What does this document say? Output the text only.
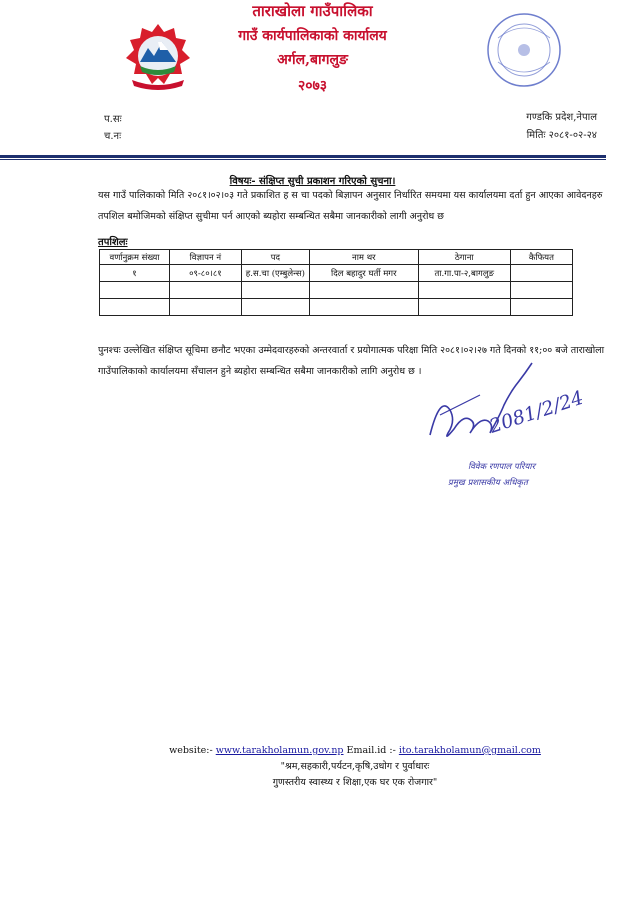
ताराखोला गाउँपालिका
गाउँ कार्यपालिकाको कार्यालय
अर्गल,बागलुङ
२०७३
प.सः
च.नः
गण्डकि प्रदेश,नेपाल
मितिः २०८१-०२-२४
विषयः- संक्षिप्त सुची प्रकाशन गरिएको सुचना।
यस गाउँ पालिकाको मिति २०८१।०२।०३ गते प्रकाशित ह स चा पदको बिज्ञापन अनुसार निर्धारित समयमा यस कार्यालयमा दर्ता हुन आएका आवेदनहरु तपशिल बमोजिमको संक्षिप्त सुचीमा पर्न आएको ब्यहोरा सम्बन्धित सबैमा जानकारीको लागी अनुरोध छ
तपशिलः
वर्णानुक्रम संख्या	विज्ञापन नं	पद	नाम थर	ठेगाना	कैफियत
१	०९-८०।८१	ह.स.चा (एम्बुलेन्स)	दिल बहादुर घर्ती मगर	ता.गा.पा-२,बागलुङ	

पुनश्चः उल्लेखित संक्षिप्त सूचिमा छनौट भएका उम्मेदवारहरुको अन्तरवार्ता र प्रयोगात्मक परिक्षा मिति २०८१।०२।२७ गते दिनको ११;०० बजे ताराखोला गाउँपालिकाको कार्यालयमा सँचालन हुने ब्यहोरा सम्बन्धित सबैमा जानकारीको लागि अनुरोध छ ।
2081/2/24
विवेक रणपाल परियार
प्रमुख प्रशासकीय अधिकृत
website:- www.tarakholamun.gov.np Email.id :- ito.tarakholamun@gmail.com
"श्रम,सहकारी,पर्यटन,कृषि,उधोग र पुर्वाधारः
गुणस्तरीय स्वास्थ्य र शिक्षा,एक घर एक रोजगार"
